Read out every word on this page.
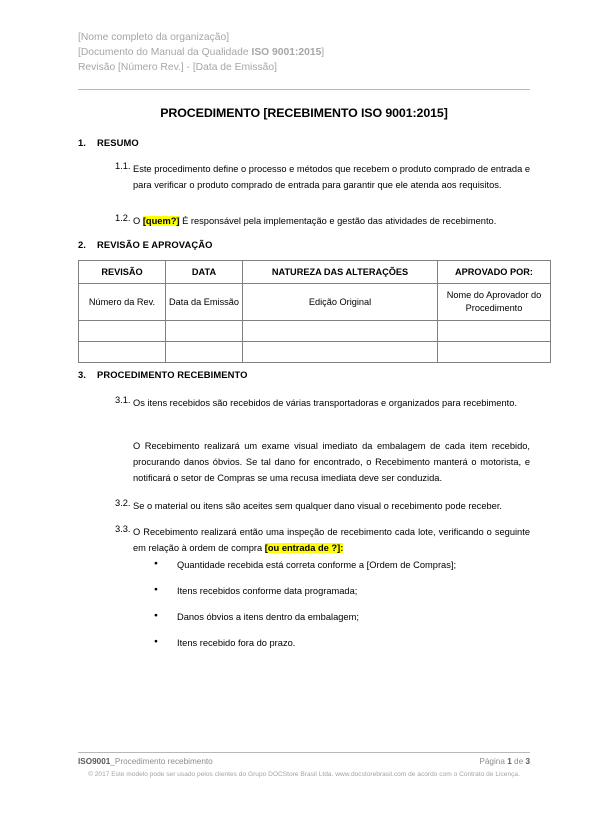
[Nome completo da organização]
[Documento do Manual da Qualidade ISO 9001:2015]
Revisão [Número Rev.] - [Data de Emissão]
PROCEDIMENTO [RECEBIMENTO ISO 9001:2015]
1. RESUMO
1.1. Este procedimento define o processo e métodos que recebem o produto comprado de entrada e para verificar o produto comprado de entrada para garantir que ele atenda aos requisitos.
1.2. O [quem?] É responsável pela implementação e gestão das atividades de recebimento.
2. REVISÃO E APROVAÇÃO
REVISÃO	DATA	NATUREZA DAS ALTERAÇÕES	APROVADO POR:
Número da Rev.	Data da Emissão	Edição Original	Nome do Aprovador do Procedimento

3. PROCEDIMENTO RECEBIMENTO
3.1. Os itens recebidos são recebidos de várias transportadoras e organizados para recebimento.
O Recebimento realizará um exame visual imediato da embalagem de cada item recebido, procurando danos óbvios. Se tal dano for encontrado, o Recebimento manterá o motorista, e notificará o setor de Compras se uma recusa imediata deve ser conduzida.
3.2. Se o material ou itens são aceites sem qualquer dano visual o recebimento pode receber.
3.3. O Recebimento realizará então uma inspeção de recebimento cada lote, verificando o seguinte em relação à ordem de compra [ou entrada de ?]:
● Quantidade recebida está correta conforme a [Ordem de Compras];
● Itens recebidos conforme data programada;
● Danos óbvios a itens dentro da embalagem;
● Itens recebido fora do prazo.
ISO9001_Procedimento recebimento	Página 1 de 3
© 2017 Este modelo pode ser usado pelos clientes do Grupo DOCStore Brasil Ltda. www.docstorebrasil.com de acordo com o Contrato de Licença.
